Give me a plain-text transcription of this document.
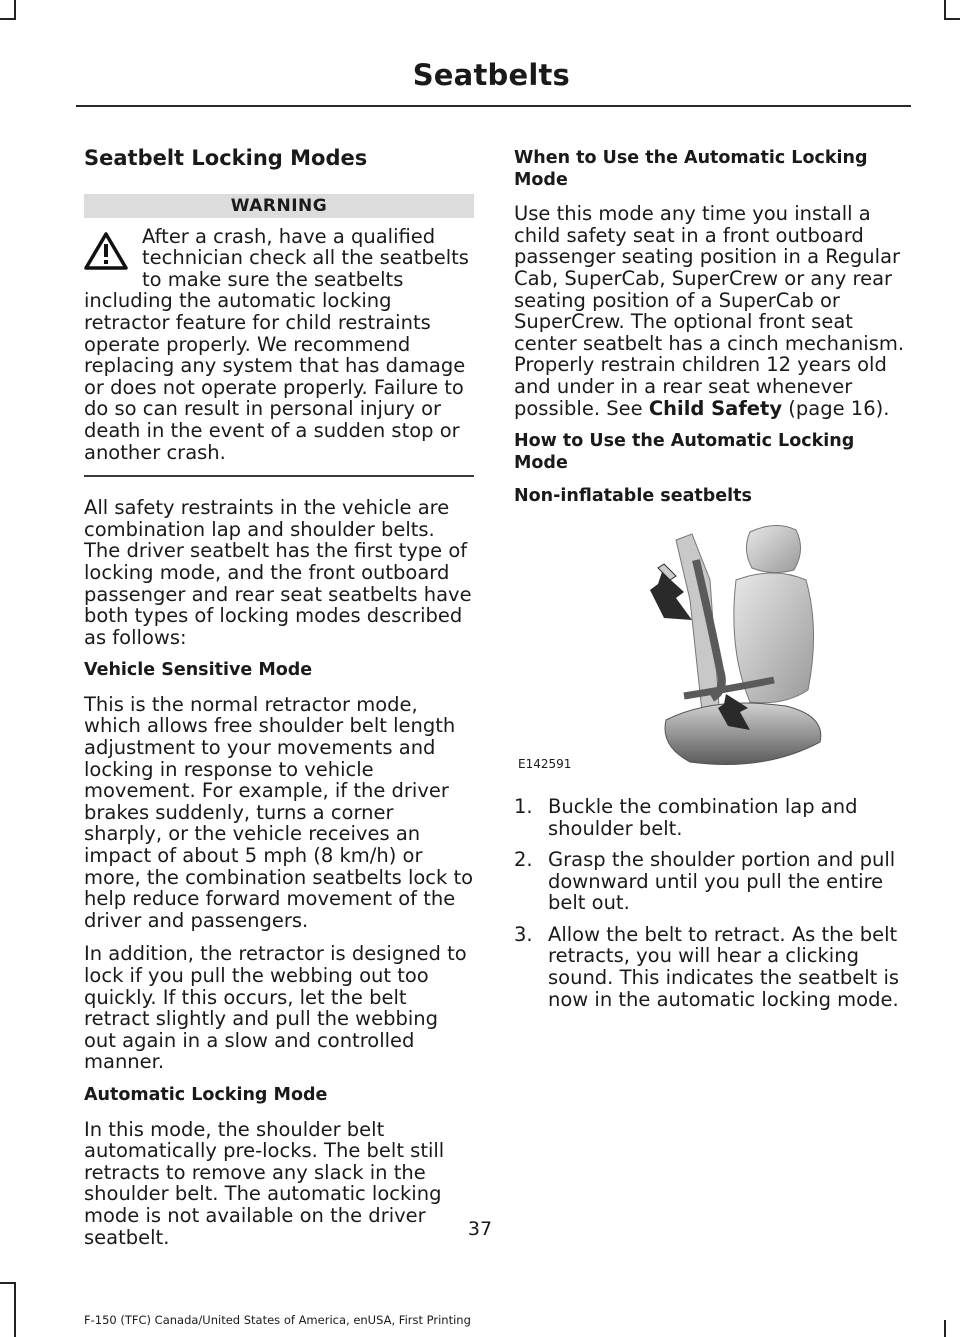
Seatbelts
Seatbelt Locking Modes
WARNING
After a crash, have a qualified technician check all the seatbelts to make sure the seatbelts including the automatic locking retractor feature for child restraints operate properly. We recommend replacing any system that has damage or does not operate properly. Failure to do so can result in personal injury or death in the event of a sudden stop or another crash.

All safety restraints in the vehicle are combination lap and shoulder belts. The driver seatbelt has the first type of locking mode, and the front outboard passenger and rear seat seatbelts have both types of locking modes described as follows:

Vehicle Sensitive Mode

This is the normal retractor mode, which allows free shoulder belt length adjustment to your movements and locking in response to vehicle movement. For example, if the driver brakes suddenly, turns a corner sharply, or the vehicle receives an impact of about 5 mph (8 km/h) or more, the combination seatbelts lock to help reduce forward movement of the driver and passengers.

In addition, the retractor is designed to lock if you pull the webbing out too quickly. If this occurs, let the belt retract slightly and pull the webbing out again in a slow and controlled manner.

Automatic Locking Mode

In this mode, the shoulder belt automatically pre-locks. The belt still retracts to remove any slack in the shoulder belt. The automatic locking mode is not available on the driver seatbelt.

When to Use the Automatic Locking Mode

Use this mode any time you install a child safety seat in a front outboard passenger seating position in a Regular Cab, SuperCab, SuperCrew or any rear seating position of a SuperCab or SuperCrew. The optional front seat center seatbelt has a cinch mechanism. Properly restrain children 12 years old and under in a rear seat whenever possible. See Child Safety (page 16).

How to Use the Automatic Locking Mode
Non-inflatable seatbelts
E142591
1. Buckle the combination lap and shoulder belt.
2. Grasp the shoulder portion and pull downward until you pull the entire belt out.
3. Allow the belt to retract. As the belt retracts, you will hear a clicking sound. This indicates the seatbelt is now in the automatic locking mode.
37
F-150 (TFC) Canada/United States of America, enUSA, First Printing
